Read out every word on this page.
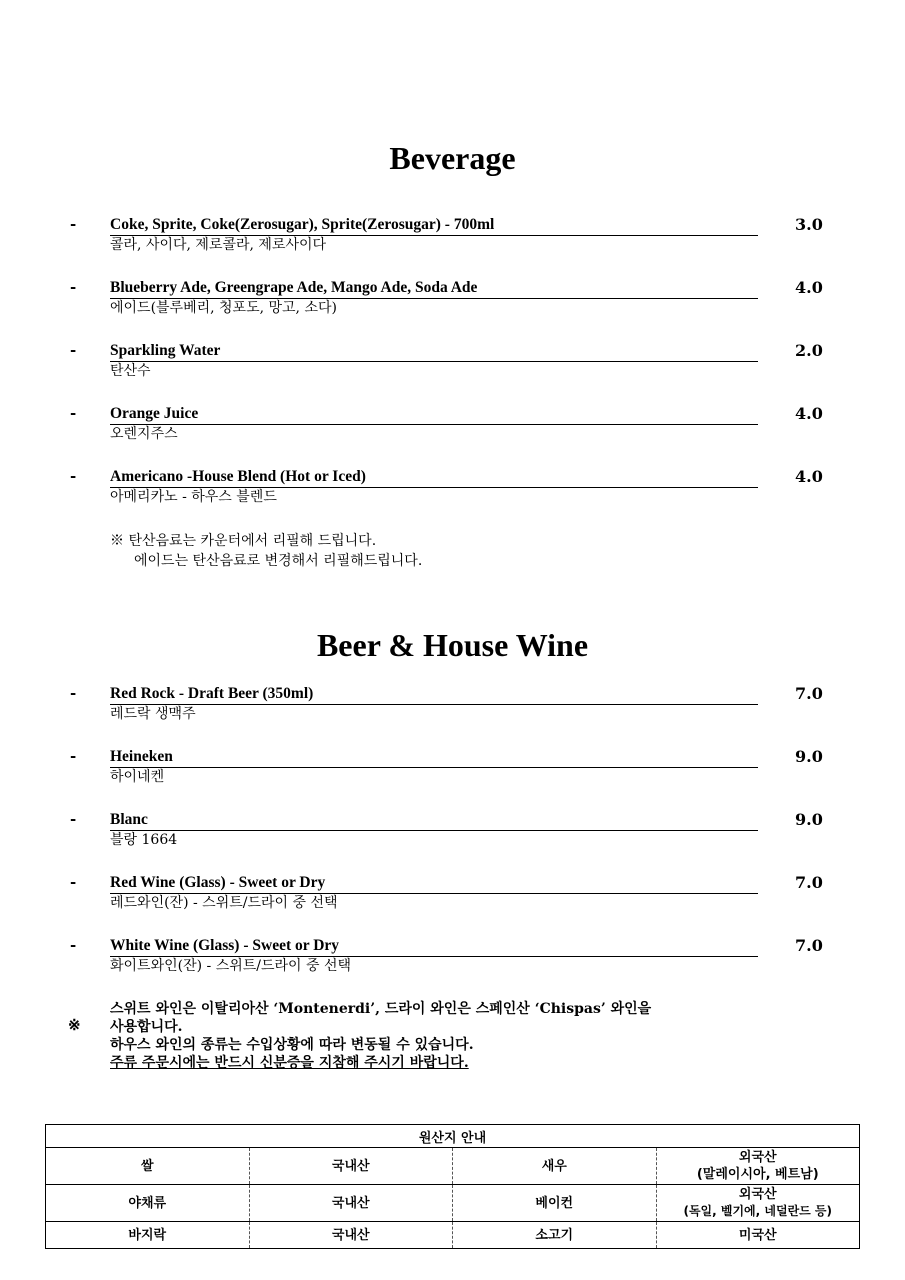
Beverage
- Coke, Sprite, Coke(Zerosugar), Sprite(Zerosugar) - 700ml
콜라, 사이다, 제로콜라, 제로사이다
3.0
- Blueberry Ade, Greengrape Ade, Mango Ade, Soda Ade
에이드(블루베리, 청포도, 망고, 소다)
4.0
- Sparkling Water
탄산수
2.0
- Orange Juice
오렌지주스
4.0
- Americano -House Blend (Hot or Iced)
아메리카노 - 하우스 블렌드
4.0
※ 탄산음료는 카운터에서 리필해 드립니다.
에이드는 탄산음료로 변경해서 리필해드립니다.
Beer & House Wine
- Red Rock - Draft Beer (350ml)
레드락 생맥주
7.0
- Heineken
하이네켄
9.0
- Blanc
블랑 1664
9.0
- Red Wine (Glass) - Sweet or Dry
레드와인(잔) - 스위트/드라이 중 선택
7.0
- White Wine (Glass) - Sweet or Dry
화이트와인(잔) - 스위트/드라이 중 선택
7.0
※
스위트 와인은 이탈리아산 ‘Montenerdi’, 드라이 와인은 스페인산 ‘Chispas’ 와인을
사용합니다.
하우스 와인의 종류는 수입상황에 따라 변동될 수 있습니다.
주류 주문시에는 반드시 신분증을 지참해 주시기 바랍니다.
원산지 안내			
쌀	국내산	새우	외국산
(말레이시아, 베트남)

야채류	국내산	베이컨	외국산
(독일, 벨기에, 네덜란드 등)

바지락	국내산	소고기	미국산
